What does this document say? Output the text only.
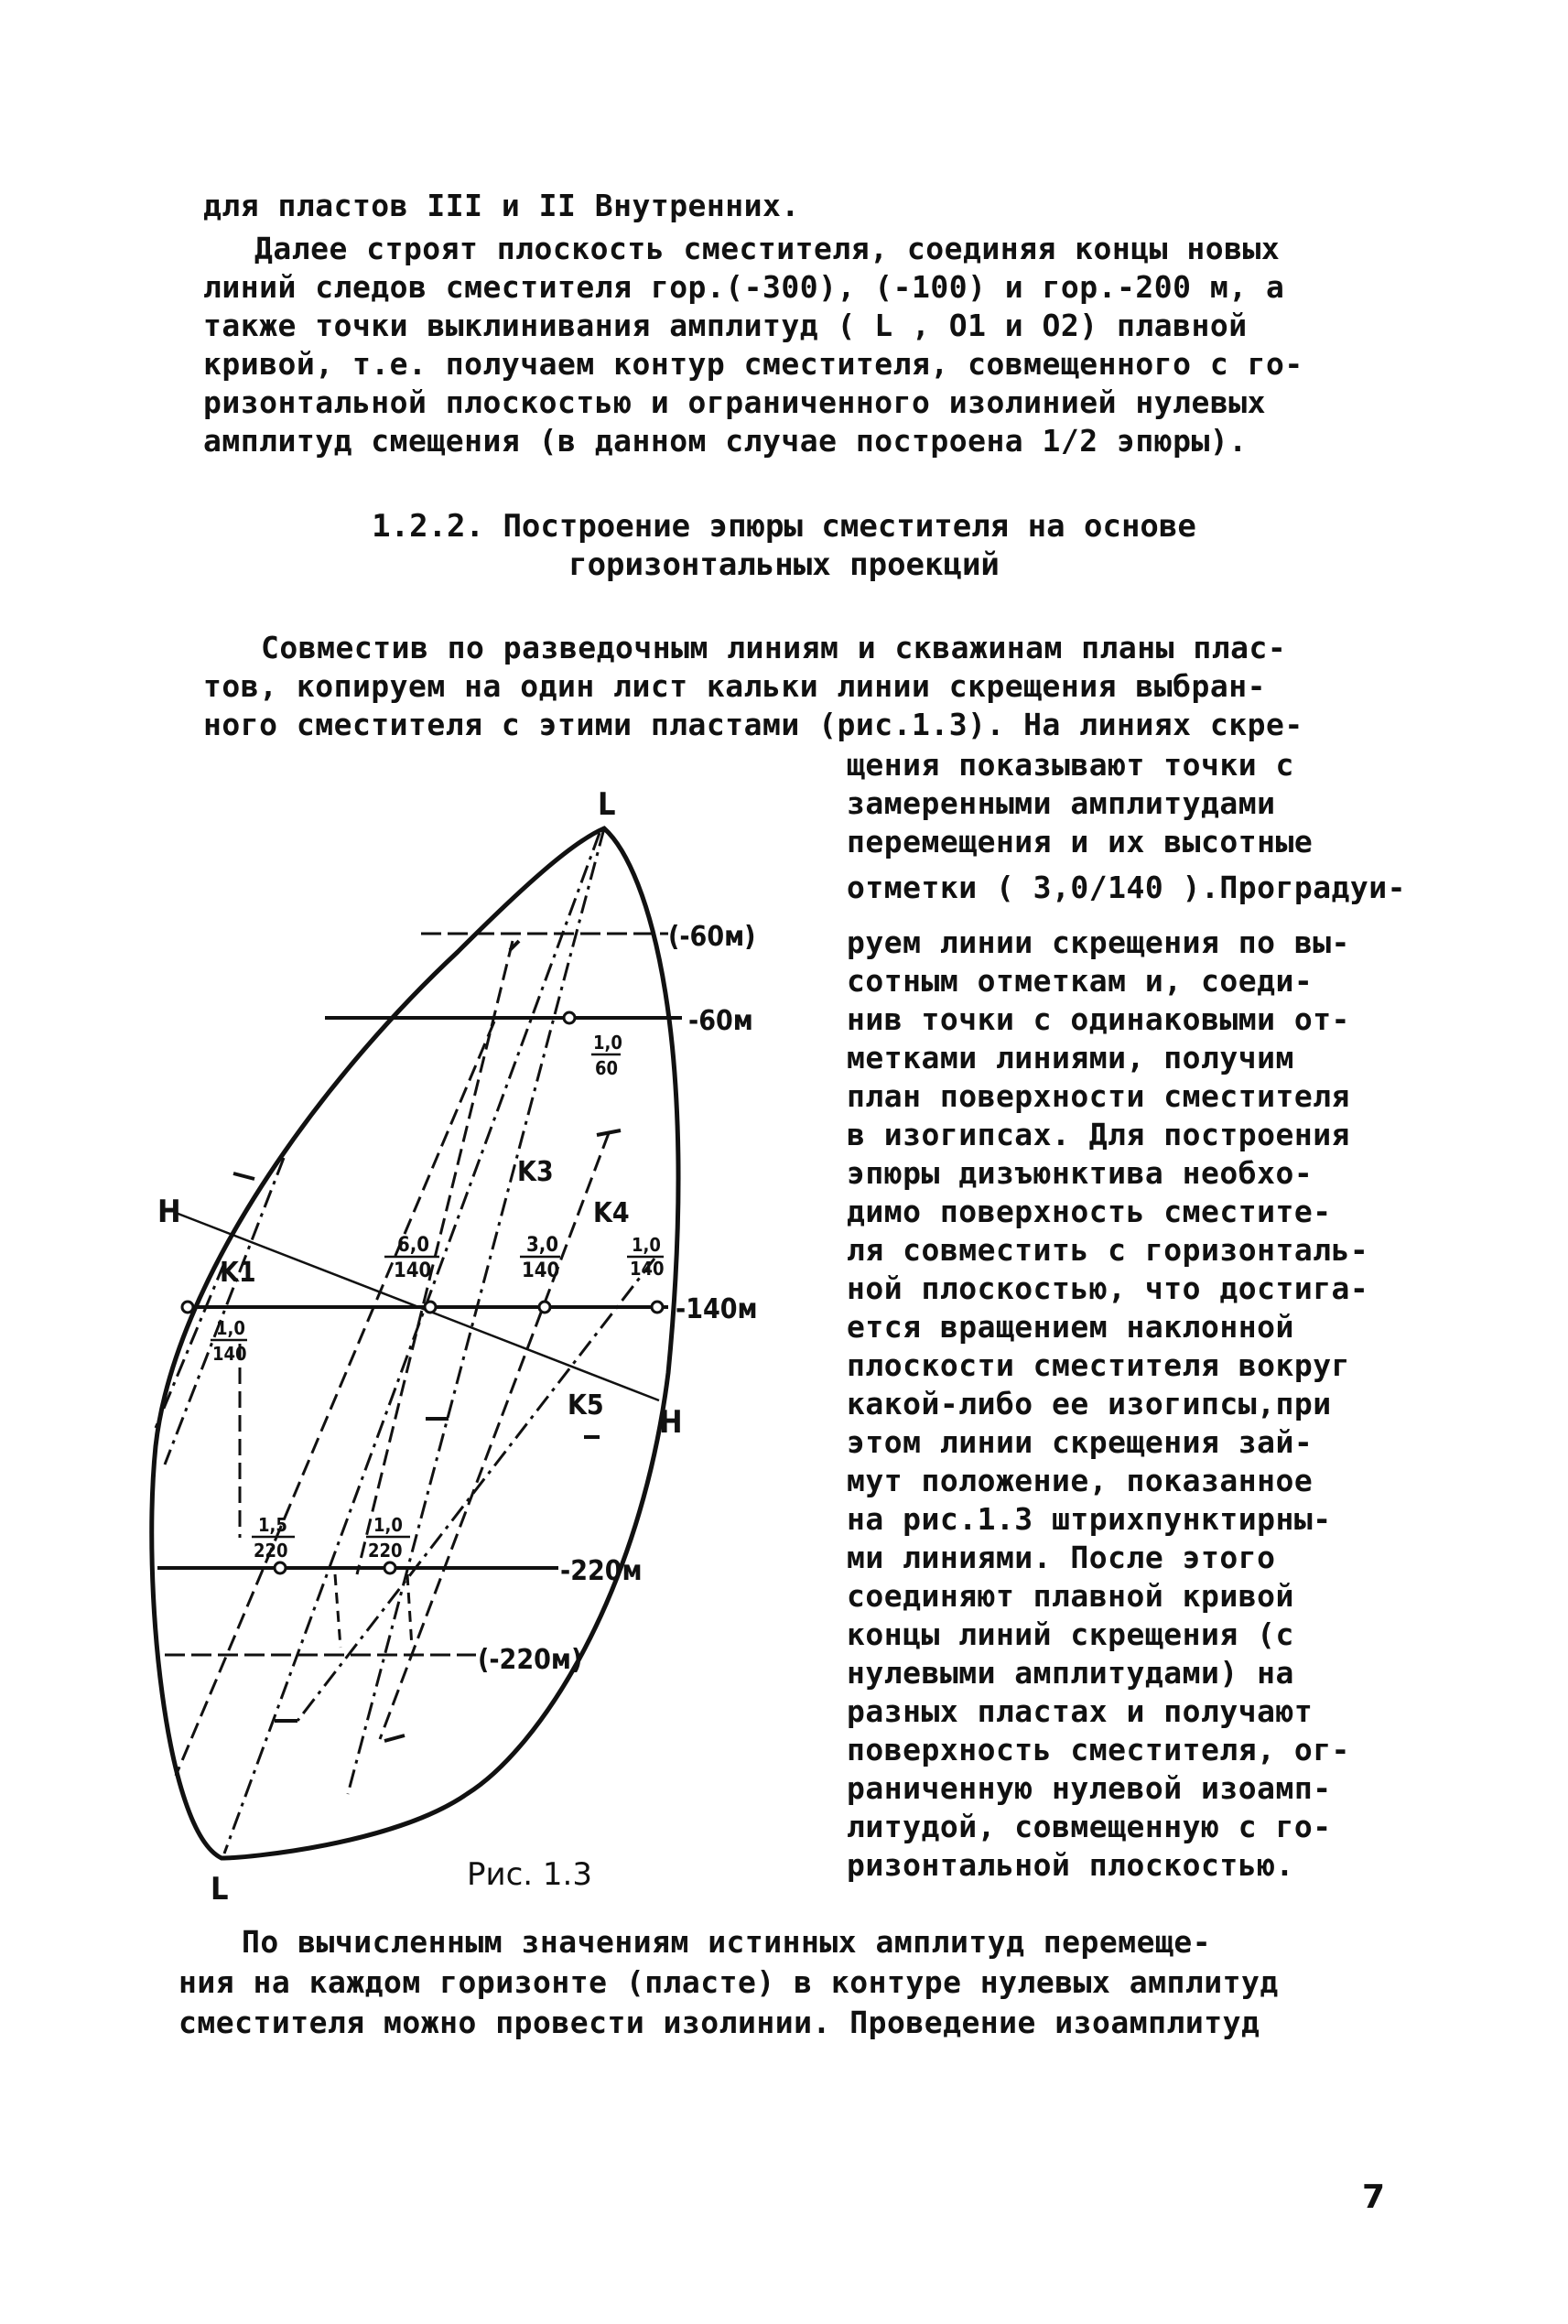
для пластов III и II Внутренних.
Далее строят плоскость сместителя, соединяя концы новых
линий следов сместителя гор.(-300), (-100) и гор.-200 м, а
также точки выклинивания амплитуд ( L , O1 и O2) плавной
кривой, т.е. получаем контур сместителя, совмещенного с го-
ризонтальной плоскостью и ограниченного изолинией нулевых
амплитуд смещения (в данном случае построена 1/2 эпюры).
1.2.2. Построение эпюры сместителя на основе
горизонтальных проекций
Совместив по разведочным линиям и скважинам планы плас-
тов, копируем на один лист кальки линии скрещения выбран-
ного сместителя с этими пластами (рис.1.3). На линиях скре-
щения показывают точки с
замеренными амплитудами
перемещения и их высотные
отметки ( 3,0/140 ).Проградуи-
руем линии скрещения по вы-
сотным отметкам и, соеди-
нив точки с одинаковыми от-
метками линиями, получим
план поверхности сместителя
в изогипсах. Для построения
эпюры дизъюнктива необхо-
димо поверхность сместите-
ля совместить с горизонталь-
ной плоскостью, что достига-
ется вращением наклонной
плоскости сместителя вокруг
какой-либо ее изогипсы,при
этом линии скрещения зай-
мут положение, показанное
на рис.1.3 штрихпунктирны-
ми линиями. После этого
соединяют плавной кривой
концы линий скрещения (с
нулевыми амплитудами) на
разных пластах и получают
поверхность сместителя, ог-
раниченную нулевой изоамп-
литудой, совмещенную с го-
ризонтальной плоскостью.
L
L
H
H
K1
K3
K4
K5
(-60м)
-60м
-140м
-220м
(-220м)
1,0
60
6,0
140
3,0
140
1,0
140
1,0
140
1,5
220
1,0
220
Рис. 1.3
По вычисленным значениям истинных амплитуд перемеще-
ния на каждом горизонте (пласте) в контуре нулевых амплитуд
сместителя можно провести изолинии. Проведение изоамплитуд
7
